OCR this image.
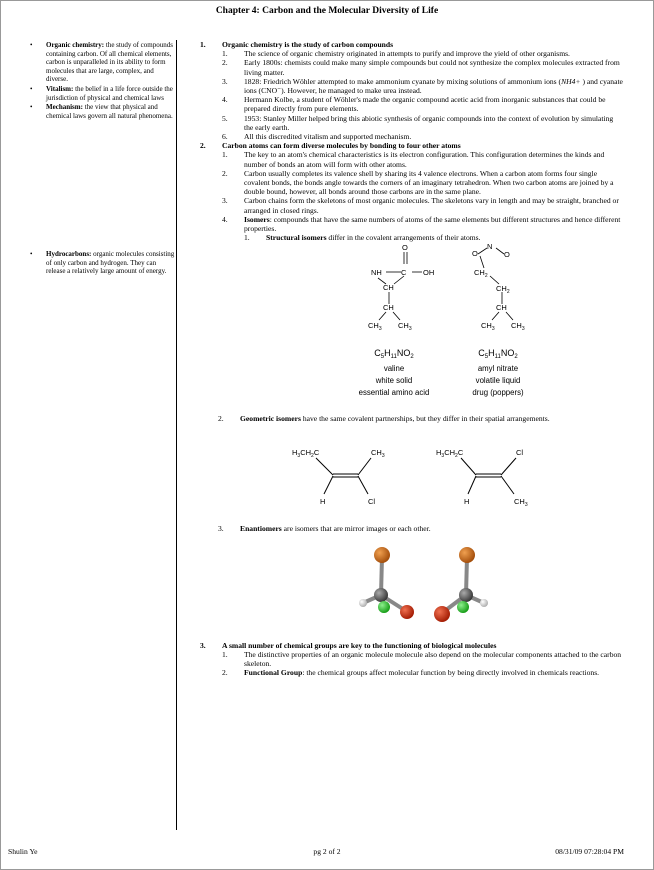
Chapter 4: Carbon and the Molecular Diversity of Life
• Organic chemistry: the study of compounds containing carbon. Of all chemical elements, carbon is unparalleled in its ability to form molecules that are large, complex, and diverse.
• Vitalism: the belief in a life force outside the jurisdiction of physical and chemical laws
• Mechanism: the view that physical and chemical laws govern all natural phenomena.
• Hydrocarbons: organic molecules consisting of only carbon and hydrogen. They can release a relatively large amount of energy.
1. Organic chemistry is the study of carbon compounds
1. The science of organic chemistry originated in attempts to purify and improve the yield of other organisms.
2. Early 1800s: chemists could make many simple compounds but could not synthesize the complex molecules extracted from living matter.
3. 1828: Friedrich Wöhler attempted to make ammonium cyanate by mixing solutions of ammonium ions (NH4+ ) and cyanate ions (CNO⁻). However, he managed to make urea instead.
4. Hermann Kolbe, a student of Wöhler's made the organic compound acetic acid from inorganic substances that could be prepared directly from pure elements.
5. 1953: Stanley Miller helped bring this abiotic synthesis of organic compounds into the context of evolution by simulating the early earth.
6. All this discredited vitalism and supported mechanism.
2. Carbon atoms can form diverse molecules by bonding to four other atoms
1. The key to an atom's chemical characteristics is its electron configuration. This configuration determines the kinds and number of bonds an atom will form with other atoms.
2. Carbon usually completes its valence shell by sharing its 4 valence electrons. When a carbon atom forms four single covalent bonds, the bonds angle towards the corners of an imaginary tetrahedron. When two carbon atoms are joined by a double bound, however, all bonds around those carbons are in the same plane.
3. Carbon chains form the skeletons of most organic molecules. The skeletons vary in length and may be straight, branched or arranged in closed rings.
4. Isomers: compounds that have the same numbers of atoms of the same elements but different structures and hence different properties.
1. Structural isomers differ in the covalent arrangements of their atoms.
O
NH	C OH
CH
CH
$CH_3$ $CH_3$
O
N
O
$CH_2$
$CH_2$
CH
$CH_3$ $CH_3$
$C_5H_{11}NO_2$
valine
white solid
essential amino acid
$C_5H_{11}NO_2$
amyl nitrate
volatile liquid
drug (poppers)
2. Geometric isomers have the same covalent partnerships, but they differ in their spatial arrangements.
$H_3CH_2C$	$CH_3$
H	Cl
$H_3CH_2C$	Cl
H	$CH_3$
3. Enantiomers are isomers that are mirror images or each other.
3. A small number of chemical groups are key to the functioning of biological molecules
1. The distinctive properties of an organic molecule molecule also depend on the molecular components attached to the carbon skeleton.
2. Functional Group: the chemical groups affect molecular function by being directly involved in chemicals reactions.
Shulin Ye	pg 2 of 2	08/31/09 07:28:04 PM
